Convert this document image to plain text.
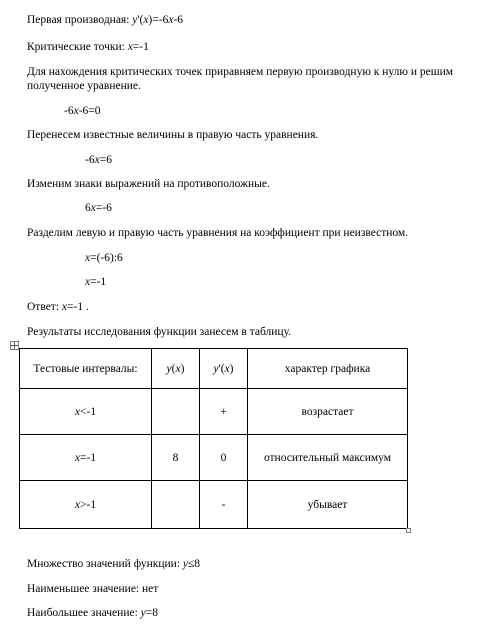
Первая производная: y'(x)=-6x-6
Критические точки: x=-1
Для нахождения критических точек приравняем первую производную к нулю и решим полученное уравнение.
-6x-6=0
Перенесем известные величины в правую часть уравнения.
-6x=6
Изменим знаки выражений на противоположные.
6x=-6
Разделим левую и правую часть уравнения на коэффициент при неизвестном.
x=(-6):6
x=-1
Ответ: x=-1 .
Результаты исследования функции занесем в таблицу.
Тестовые интервалы:	y(x)	y'(x)	характер графика
x<-1		+	возрастает
x=-1	8	0	относительный максимум
x>-1		-	убывает
Множество значений функции: y≤8
Наименьшее значение: нет
Наибольшее значение: y=8
